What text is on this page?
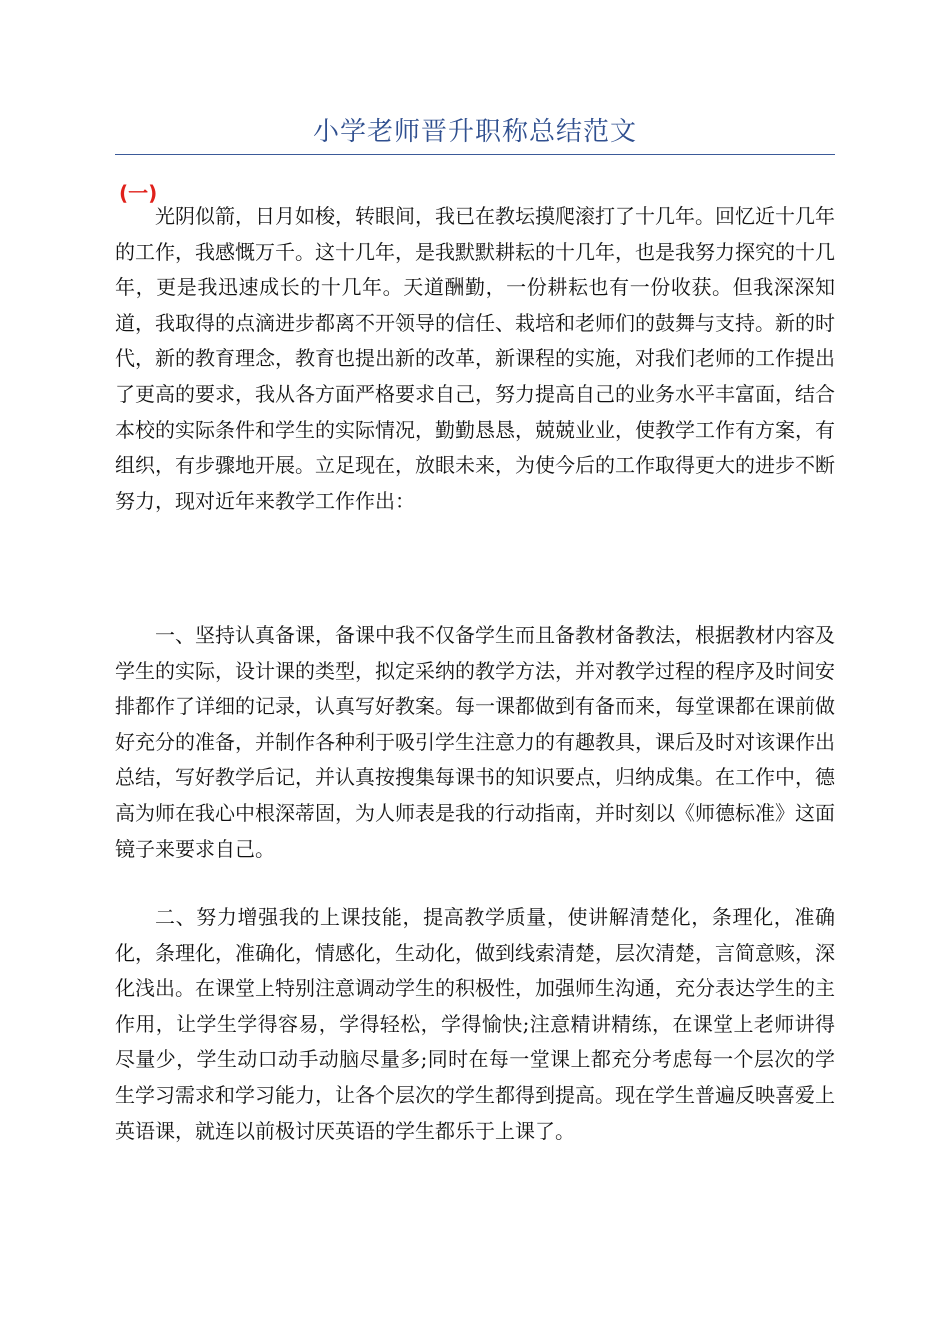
小学老师晋升职称总结范文
(一)

光阴似箭，日月如梭，转眼间，我已在教坛摸爬滚打了十几年。回忆近十几年的工作，我感慨万千。这十几年，是我默默耕耘的十几年，也是我努力探究的十几年，更是我迅速成长的十几年。天道酬勤，一份耕耘也有一份收获。但我深深知道，我取得的点滴进步都离不开领导的信任、栽培和老师们的鼓舞与支持。新的时代，新的教育理念，教育也提出新的改革，新课程的实施，对我们老师的工作提出了更高的要求，我从各方面严格要求自己，努力提高自己的业务水平丰富面，结合本校的实际条件和学生的实际情况，勤勤恳恳，兢兢业业，使教学工作有方案，有组织，有步骤地开展。立足现在，放眼未来，为使今后的工作取得更大的进步不断努力，现对近年来教学工作作出：

一、坚持认真备课，备课中我不仅备学生而且备教材备教法，根据教材内容及学生的实际，设计课的类型，拟定采纳的教学方法，并对教学过程的程序及时间安排都作了详细的记录，认真写好教案。每一课都做到有备而来，每堂课都在课前做好充分的准备，并制作各种利于吸引学生注意力的有趣教具，课后及时对该课作出总结，写好教学后记，并认真按搜集每课书的知识要点，归纳成集。在工作中，德高为师在我心中根深蒂固，为人师表是我的行动指南，并时刻以《师德标准》这面镜子来要求自己。

二、努力增强我的上课技能，提高教学质量，使讲解清楚化，条理化，准确化，条理化，准确化，情感化，生动化，做到线索清楚，层次清楚，言简意赅，深化浅出。在课堂上特别注意调动学生的积极性，加强师生沟通，充分表达学生的主作用，让学生学得容易，学得轻松，学得愉快;注意精讲精练，在课堂上老师讲得尽量少，学生动口动手动脑尽量多;同时在每一堂课上都充分考虑每一个层次的学生学习需求和学习能力，让各个层次的学生都得到提高。现在学生普遍反映喜爱上英语课，就连以前极讨厌英语的学生都乐于上课了。
